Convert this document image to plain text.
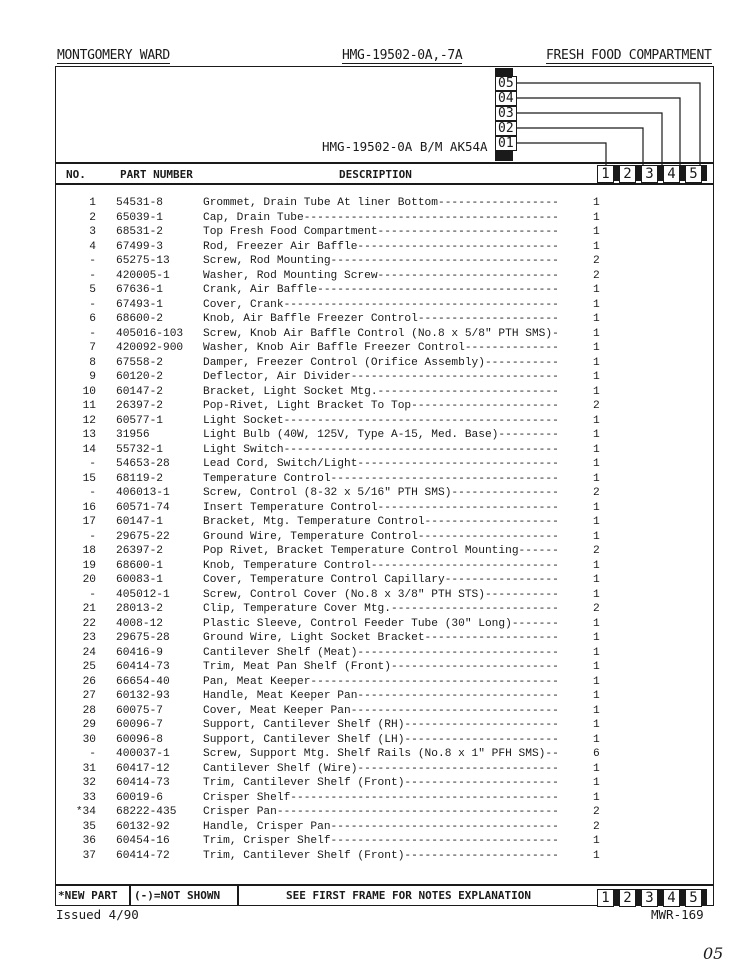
MONTGOMERY WARD	HMG-19502-0A,-7A	FRESH FOOD COMPARTMENT
HMG-19502-0A B/M AK54A
05
04
03
02
01
NO.	PART NUMBER	DESCRIPTION	1 2 3 4 5
1 54531-8	Grommet, Drain Tube At liner Bottom------------------	1
2 65039-1	Cap, Drain Tube--------------------------------------	1
3 68531-2	Top Fresh Food Compartment---------------------------	1
4 67499-3	Rod, Freezer Air Baffle------------------------------	1
- 65275-13	Screw, Rod Mounting----------------------------------	2
- 420005-1	Washer, Rod Mounting Screw---------------------------	2
5 67636-1	Crank, Air Baffle------------------------------------	1
- 67493-1	Cover, Crank-----------------------------------------	1
6 68600-2	Knob, Air Baffle Freezer Control---------------------	1
- 405016-103 Screw, Knob Air Baffle Control (No.8 x 5/8" PTH SMS)-	1
7 420092-900 Washer, Knob Air Baffle Freezer Control--------------	1
8 67558-2	Damper, Freezer Control (Orifice Assembly)-----------	1
9 60120-2	Deflector, Air Divider-------------------------------	1
10 60147-2	Bracket, Light Socket Mtg.---------------------------	1
11 26397-2	Pop-Rivet, Light Bracket To Top----------------------	2
12 60577-1	Light Socket-----------------------------------------	1
13 31956	Light Bulb (40W, 125V, Type A-15, Med. Base)---------	1
14 55732-1	Light Switch-----------------------------------------	1
- 54653-28	Lead Cord, Switch/Light------------------------------	1
15 68119-2	Temperature Control----------------------------------	1
- 406013-1	Screw, Control (8-32 x 5/16" PTH SMS)----------------	2
16 60571-74	Insert Temperature Control---------------------------	1
17 60147-1	Bracket, Mtg. Temperature Control--------------------	1
- 29675-22	Ground Wire, Temperature Control---------------------	1
18 26397-2	Pop Rivet, Bracket Temperature Control Mounting------	2
19 68600-1	Knob, Temperature Control----------------------------	1
20 60083-1	Cover, Temperature Control Capillary-----------------	1
- 405012-1	Screw, Control Cover (No.8 x 3/8" PTH STS)-----------	1
21 28013-2	Clip, Temperature Cover Mtg.-------------------------	2
22 4008-12	Plastic Sleeve, Control Feeder Tube (30" Long)-------	1
23 29675-28	Ground Wire, Light Socket Bracket--------------------	1
24 60416-9	Cantilever Shelf (Meat)------------------------------	1
25 60414-73	Trim, Meat Pan Shelf (Front)-------------------------	1
26 66654-40	Pan, Meat Keeper-------------------------------------	1
27 60132-93	Handle, Meat Keeper Pan------------------------------	1
28 60075-7	Cover, Meat Keeper Pan-------------------------------	1
29 60096-7	Support, Cantilever Shelf (RH)-----------------------	1
30 60096-8	Support, Cantilever Shelf (LH)-----------------------	1
- 400037-1	Screw, Support Mtg. Shelf Rails (No.8 x 1" PFH SMS)--	6
31 60417-12	Cantilever Shelf (Wire)------------------------------	1
32 60414-73	Trim, Cantilever Shelf (Front)-----------------------	1
33 60019-6	Crisper Shelf----------------------------------------	1
*34 68222-435 Crisper Pan------------------------------------------	2
35 60132-92	Handle, Crisper Pan----------------------------------	2
36 60454-16	Trim, Crisper Shelf----------------------------------	1
37 60414-72	Trim, Cantilever Shelf (Front)-----------------------	1
*NEW PART (-)=NOT SHOWN	SEE FIRST FRAME FOR NOTES EXPLANATION	1 2 3 4 5
Issued 4/90	MWR-169
05
